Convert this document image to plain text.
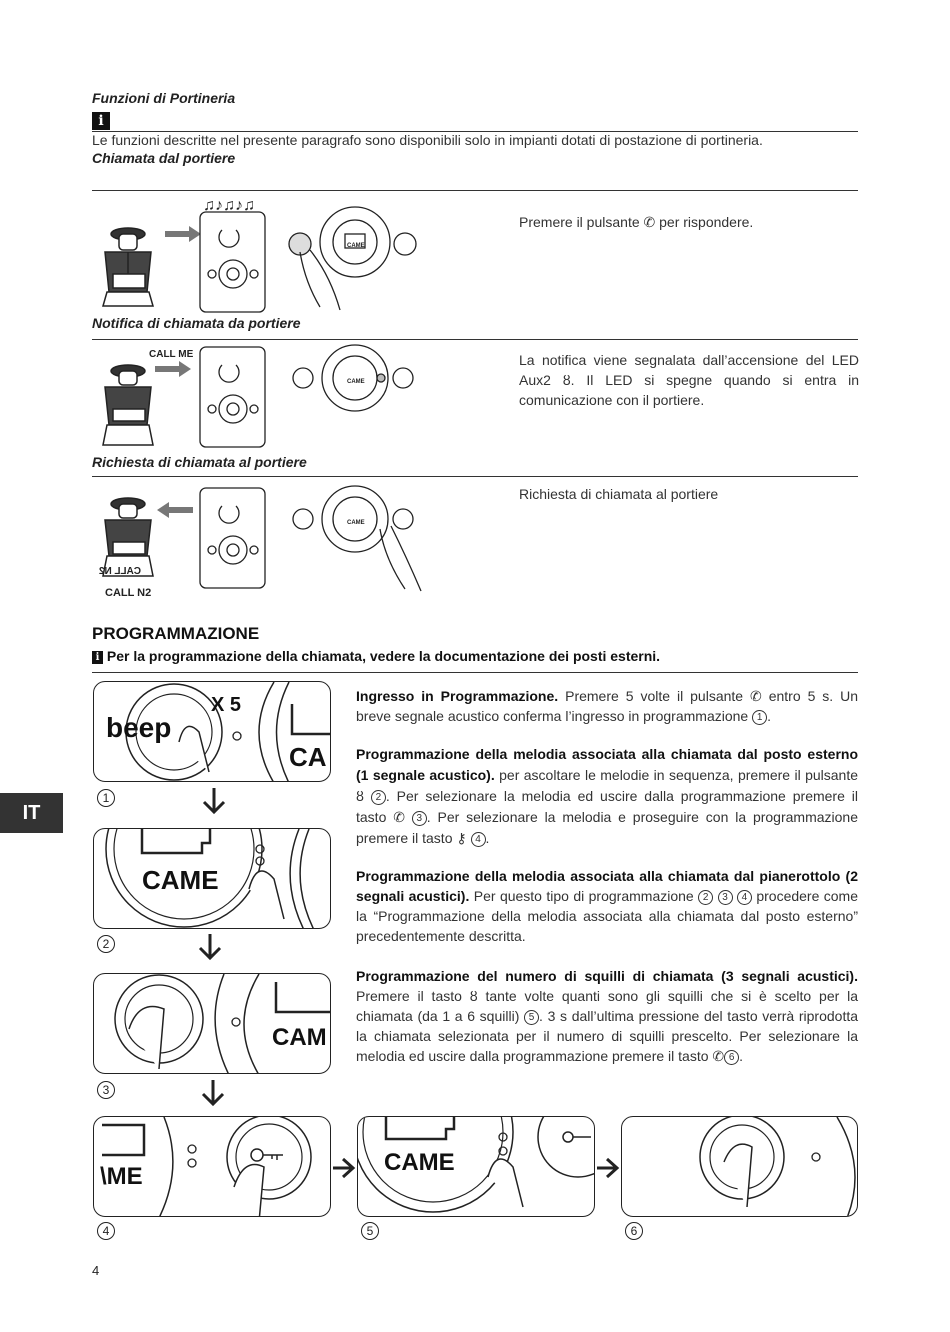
Funzioni di Portineria
i
Le funzioni descritte nel presente paragrafo sono disponibili solo in impianti dotati di postazione di portineria.
Chiamata dal portiere
♫♪♫♪♫
CAME
Premere il pulsante ✆ per rispondere.
Notifica di chiamata da portiere
CALL ME
CAME
La notifica viene segnalata dall’accensione del LED Aux2 ȣ. Il LED si spegne quando si entra in comunicazione con il portiere.
Richiesta di chiamata al portiere
CALL N2
CALL N2
CAME
Richiesta di chiamata al portiere
PROGRAMMAZIONE
i Per la programmazione della chiamata, vedere la documentazione dei posti esterni.
beep
X 5
CA
1
CAME
2
CAM
3
\ME
4
CAME
5	6
Ingresso in Programmazione. Premere 5 volte il pulsante ✆ entro 5 s. Un breve segnale acustico conferma l’ingresso in programmazione 1 .
Programmazione della melodia associata alla chiamata dal posto esterno (1 segnale acustico). per ascoltare le melodie in sequenza, premere il pulsante ȣ 2 . Per selezionare la melodia ed uscire dalla programmazione premere il tasto ✆ 3 . Per selezionare la melodia e proseguire con la programmazione premere il tasto ⚷ 4 .
Programmazione della melodia associata alla chiamata dal pianerottolo (2 segnali acustici). Per questo tipo di programmazione 2 3 4 procedere come la “Programmazione della melodia associata alla chiamata dal posto esterno” precedentemente descritta.
Programmazione del numero di squilli di chiamata (3 segnali acustici). Premere il tasto ȣ tante volte quanti sono gli squilli che si è scelto per la chiamata (da 1 a 6 squilli) 5 . 3 s dall’ultima pressione del tasto verrà riprodotta la chiamata selezionata per il numero di squilli prescelto. Per selezionare la melodia ed uscire dalla programmazione premere il tasto ✆ 6 .
IT
4
